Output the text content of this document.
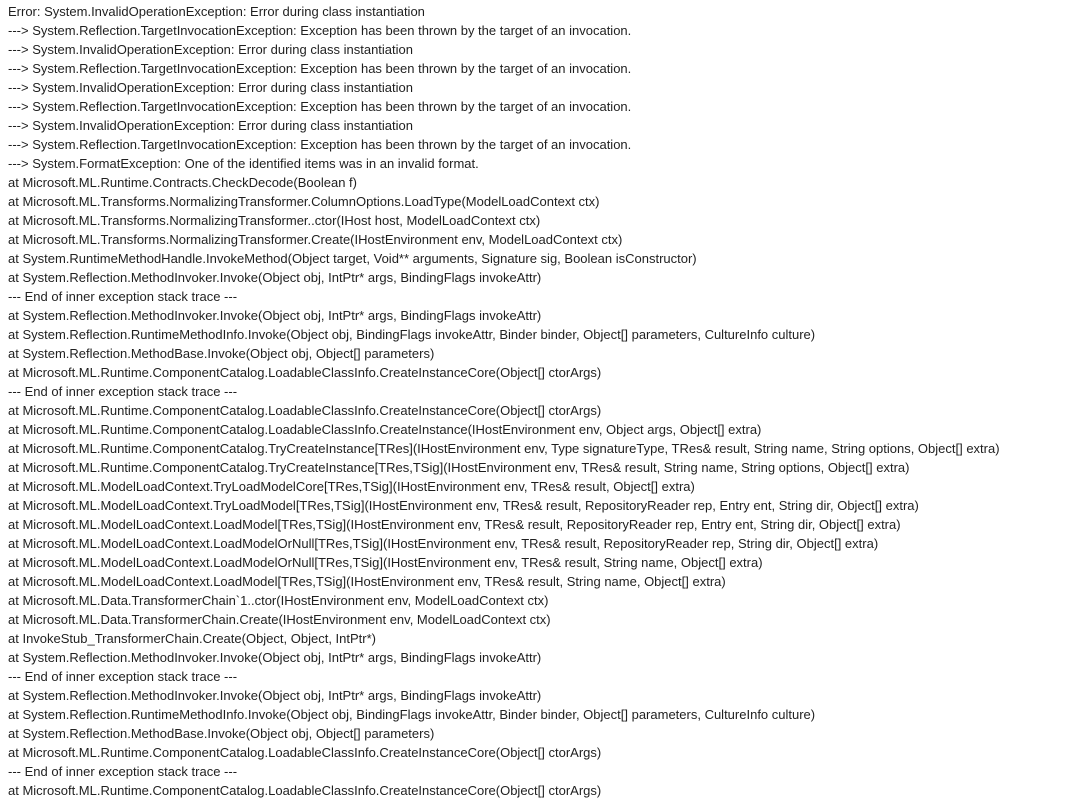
Error: System.InvalidOperationException: Error during class instantiation
---> System.Reflection.TargetInvocationException: Exception has been thrown by the target of an invocation.
---> System.InvalidOperationException: Error during class instantiation
---> System.Reflection.TargetInvocationException: Exception has been thrown by the target of an invocation.
---> System.InvalidOperationException: Error during class instantiation
---> System.Reflection.TargetInvocationException: Exception has been thrown by the target of an invocation.
---> System.InvalidOperationException: Error during class instantiation
---> System.Reflection.TargetInvocationException: Exception has been thrown by the target of an invocation.
---> System.FormatException: One of the identified items was in an invalid format.
at Microsoft.ML.Runtime.Contracts.CheckDecode(Boolean f)
at Microsoft.ML.Transforms.NormalizingTransformer.ColumnOptions.LoadType(ModelLoadContext ctx)
at Microsoft.ML.Transforms.NormalizingTransformer..ctor(IHost host, ModelLoadContext ctx)
at Microsoft.ML.Transforms.NormalizingTransformer.Create(IHostEnvironment env, ModelLoadContext ctx)
at System.RuntimeMethodHandle.InvokeMethod(Object target, Void** arguments, Signature sig, Boolean isConstructor)
at System.Reflection.MethodInvoker.Invoke(Object obj, IntPtr* args, BindingFlags invokeAttr)
--- End of inner exception stack trace ---
at System.Reflection.MethodInvoker.Invoke(Object obj, IntPtr* args, BindingFlags invokeAttr)
at System.Reflection.RuntimeMethodInfo.Invoke(Object obj, BindingFlags invokeAttr, Binder binder, Object[] parameters, CultureInfo culture)
at System.Reflection.MethodBase.Invoke(Object obj, Object[] parameters)
at Microsoft.ML.Runtime.ComponentCatalog.LoadableClassInfo.CreateInstanceCore(Object[] ctorArgs)
--- End of inner exception stack trace ---
at Microsoft.ML.Runtime.ComponentCatalog.LoadableClassInfo.CreateInstanceCore(Object[] ctorArgs)
at Microsoft.ML.Runtime.ComponentCatalog.LoadableClassInfo.CreateInstance(IHostEnvironment env, Object args, Object[] extra)
at Microsoft.ML.Runtime.ComponentCatalog.TryCreateInstance[TRes](IHostEnvironment env, Type signatureType, TRes& result, String name, String options, Object[] extra)
at Microsoft.ML.Runtime.ComponentCatalog.TryCreateInstance[TRes,TSig](IHostEnvironment env, TRes& result, String name, String options, Object[] extra)
at Microsoft.ML.ModelLoadContext.TryLoadModelCore[TRes,TSig](IHostEnvironment env, TRes& result, Object[] extra)
at Microsoft.ML.ModelLoadContext.TryLoadModel[TRes,TSig](IHostEnvironment env, TRes& result, RepositoryReader rep, Entry ent, String dir, Object[] extra)
at Microsoft.ML.ModelLoadContext.LoadModel[TRes,TSig](IHostEnvironment env, TRes& result, RepositoryReader rep, Entry ent, String dir, Object[] extra)
at Microsoft.ML.ModelLoadContext.LoadModelOrNull[TRes,TSig](IHostEnvironment env, TRes& result, RepositoryReader rep, String dir, Object[] extra)
at Microsoft.ML.ModelLoadContext.LoadModelOrNull[TRes,TSig](IHostEnvironment env, TRes& result, String name, Object[] extra)
at Microsoft.ML.ModelLoadContext.LoadModel[TRes,TSig](IHostEnvironment env, TRes& result, String name, Object[] extra)
at Microsoft.ML.Data.TransformerChain`1..ctor(IHostEnvironment env, ModelLoadContext ctx)
at Microsoft.ML.Data.TransformerChain.Create(IHostEnvironment env, ModelLoadContext ctx)
at InvokeStub_TransformerChain.Create(Object, Object, IntPtr*)
at System.Reflection.MethodInvoker.Invoke(Object obj, IntPtr* args, BindingFlags invokeAttr)
--- End of inner exception stack trace ---
at System.Reflection.MethodInvoker.Invoke(Object obj, IntPtr* args, BindingFlags invokeAttr)
at System.Reflection.RuntimeMethodInfo.Invoke(Object obj, BindingFlags invokeAttr, Binder binder, Object[] parameters, CultureInfo culture)
at System.Reflection.MethodBase.Invoke(Object obj, Object[] parameters)
at Microsoft.ML.Runtime.ComponentCatalog.LoadableClassInfo.CreateInstanceCore(Object[] ctorArgs)
--- End of inner exception stack trace ---
at Microsoft.ML.Runtime.ComponentCatalog.LoadableClassInfo.CreateInstanceCore(Object[] ctorArgs)
